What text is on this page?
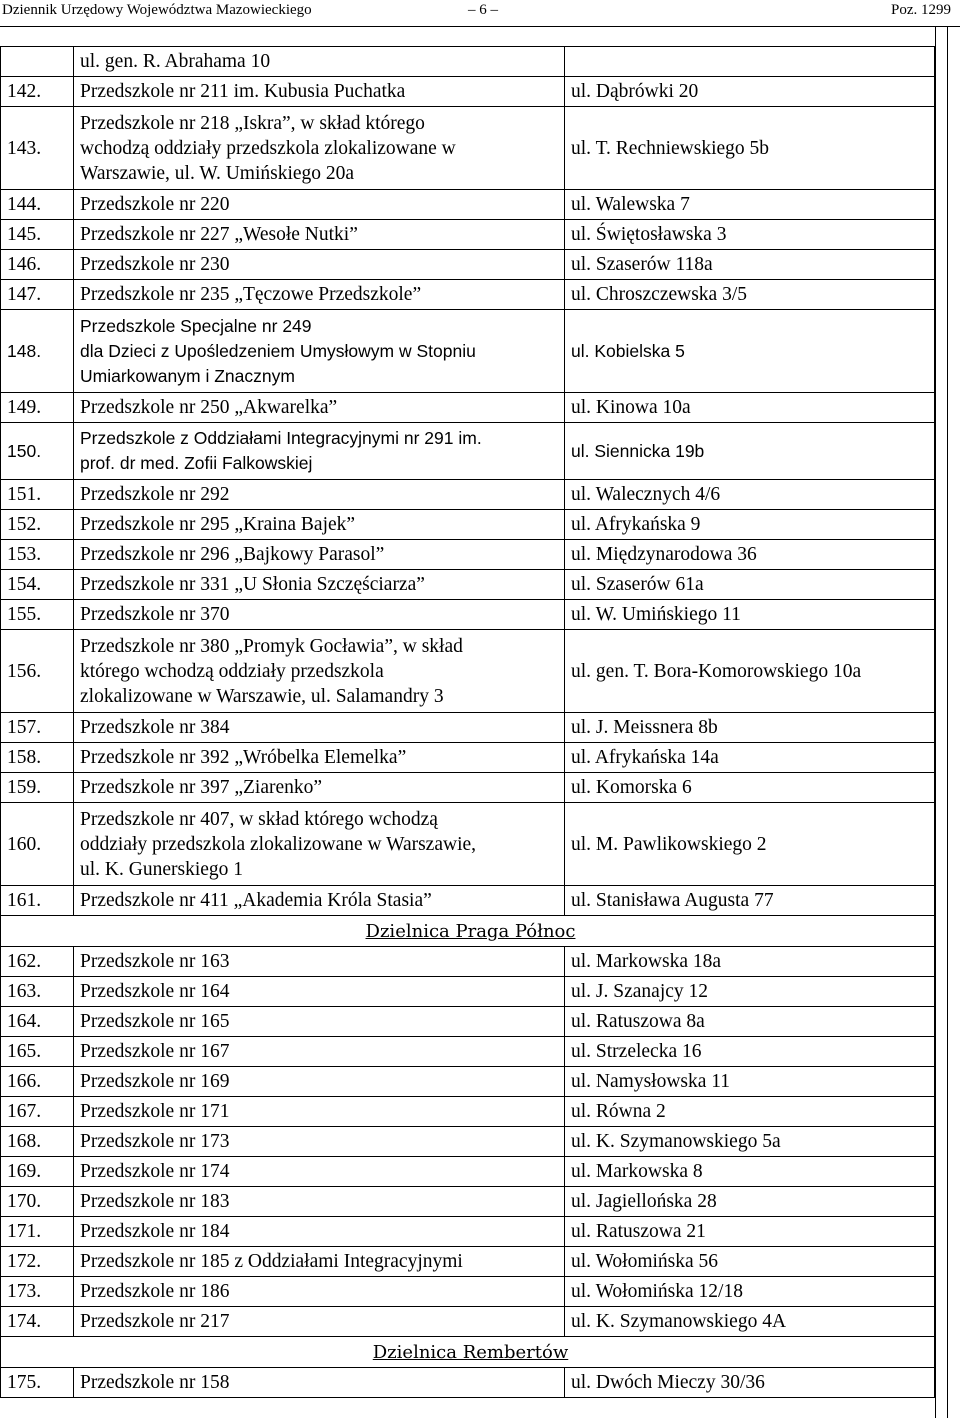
Dziennik Urzędowy Województwa Mazowieckiego	– 6 –	Poz. 1299
	ul. gen. R. Abrahama 10	
142.	Przedszkole nr 211 im. Kubusia Puchatka	ul. Dąbrówki 20
143.	Przedszkole nr 218 „Iskra”, w skład którego
wchodzą oddziały przedszkola zlokalizowane w
Warszawie, ul. W. Umińskiego 20a	ul. T. Rechniewskiego 5b
144.	Przedszkole nr 220	ul. Walewska 7
145.	Przedszkole nr 227 „Wesołe Nutki”	ul. Świętosławska 3
146.	Przedszkole nr 230	ul. Szaserów 118a
147.	Przedszkole nr 235 „Tęczowe Przedszkole”	ul. Chroszczewska 3/5
148.	Przedszkole Specjalne nr 249
dla Dzieci z Upośledzeniem Umysłowym w Stopniu
Umiarkowanym i Znacznym	ul. Kobielska 5
149.	Przedszkole nr 250 „Akwarelka”	ul. Kinowa 10a
150.	Przedszkole z Oddziałami Integracyjnymi nr 291 im.
prof. dr med. Zofii Falkowskiej	ul. Siennicka 19b
151.	Przedszkole nr 292	ul. Walecznych 4/6
152.	Przedszkole nr 295 „Kraina Bajek”	ul. Afrykańska 9
153.	Przedszkole nr 296 „Bajkowy Parasol”	ul. Międzynarodowa 36
154.	Przedszkole nr 331 „U Słonia Szczęściarza”	ul. Szaserów 61a
155.	Przedszkole nr 370	ul. W. Umińskiego 11
156.	Przedszkole nr 380 „Promyk Gocławia”, w skład
którego wchodzą oddziały przedszkola
zlokalizowane w Warszawie, ul. Salamandry 3	ul. gen. T. Bora-Komorowskiego 10a
157.	Przedszkole nr 384	ul. J. Meissnera 8b
158.	Przedszkole nr 392 „Wróbelka Elemelka”	ul. Afrykańska 14a
159.	Przedszkole nr 397 „Ziarenko”	ul. Komorska 6
160.	Przedszkole nr 407, w skład którego wchodzą
oddziały przedszkola zlokalizowane w Warszawie,
ul. K. Gunerskiego 1	ul. M. Pawlikowskiego 2
161.	Przedszkole nr 411 „Akademia Króla Stasia”	ul. Stanisława Augusta 77
Dzielnica Praga Północ		
162.	Przedszkole nr 163	ul. Markowska 18a
163.	Przedszkole nr 164	ul. J. Szanajcy 12
164.	Przedszkole nr 165	ul. Ratuszowa 8a
165.	Przedszkole nr 167	ul. Strzelecka 16
166.	Przedszkole nr 169	ul. Namysłowska 11
167.	Przedszkole nr 171	ul. Równa 2
168.	Przedszkole nr 173	ul. K. Szymanowskiego 5a
169.	Przedszkole nr 174	ul. Markowska 8
170.	Przedszkole nr 183	ul. Jagiellońska 28
171.	Przedszkole nr 184	ul. Ratuszowa 21
172.	Przedszkole nr 185 z Oddziałami Integracyjnymi	ul. Wołomińska 56
173.	Przedszkole nr 186	ul. Wołomińska 12/18
174.	Przedszkole nr 217	ul. K. Szymanowskiego 4A
Dzielnica Rembertów		
175.	Przedszkole nr 158	ul. Dwóch Mieczy 30/36
